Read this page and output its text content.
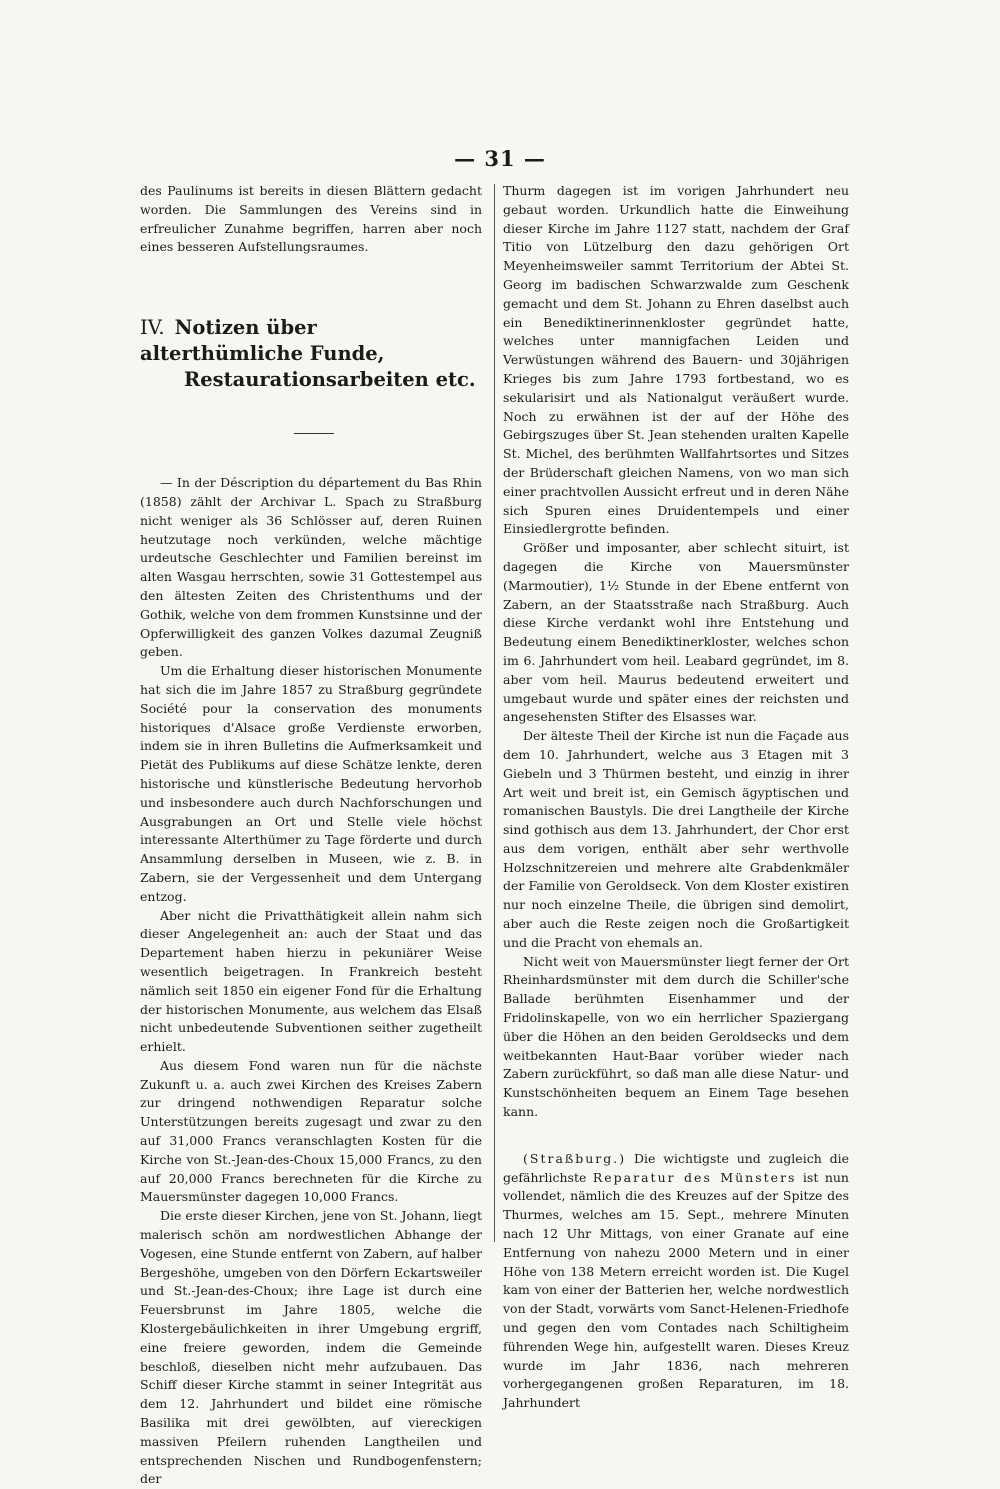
— 31 —

des Paulinums ist bereits in diesen Blättern gedacht worden. Die Sammlungen des Vereins sind in erfreulicher Zunahme begriffen, harren aber noch eines besseren Aufstellungsraumes.

IV. Notizen über alterthümliche Funde,
Restaurationsarbeiten etc.

— In der Déscription du département du Bas Rhin (1858) zählt der Archivar L. Spach zu Straßburg nicht weniger als 36 Schlösser auf, deren Ruinen heutzutage noch verkünden, welche mächtige urdeutsche Geschlechter und Familien bereinst im alten Wasgau herrschten, sowie 31 Gottestempel aus den ältesten Zeiten des Christenthums und der Gothik, welche von dem frommen Kunstsinne und der Opferwilligkeit des ganzen Volkes dazumal Zeugniß geben.

Um die Erhaltung dieser historischen Monumente hat sich die im Jahre 1857 zu Straßburg gegründete Société pour la conservation des monuments historiques d'Alsace große Verdienste erworben, indem sie in ihren Bulletins die Aufmerksamkeit und Pietät des Publikums auf diese Schätze lenkte, deren historische und künstlerische Bedeutung hervorhob und insbesondere auch durch Nachforschungen und Ausgrabungen an Ort und Stelle viele höchst interessante Alterthümer zu Tage förderte und durch Ansammlung derselben in Museen, wie z. B. in Zabern, sie der Vergessenheit und dem Untergang entzog.

Aber nicht die Privatthätigkeit allein nahm sich dieser Angelegenheit an: auch der Staat und das Departement haben hierzu in pekuniärer Weise wesentlich beigetragen. In Frankreich besteht nämlich seit 1850 ein eigener Fond für die Erhaltung der historischen Monumente, aus welchem das Elsaß nicht unbedeutende Subventionen seither zugetheilt erhielt.

Aus diesem Fond waren nun für die nächste Zukunft u. a. auch zwei Kirchen des Kreises Zabern zur dringend nothwendigen Reparatur solche Unterstützungen bereits zugesagt und zwar zu den auf 31,000 Francs veranschlagten Kosten für die Kirche von St.-Jean-des-Choux 15,000 Francs, zu den auf 20,000 Francs berechneten für die Kirche zu Mauersmünster dagegen 10,000 Francs.

Die erste dieser Kirchen, jene von St. Johann, liegt malerisch schön am nordwestlichen Abhange der Vogesen, eine Stunde entfernt von Zabern, auf halber Bergeshöhe, umgeben von den Dörfern Eckartsweiler und St.-Jean-des-Choux; ihre Lage ist durch eine Feuersbrunst im Jahre 1805, welche die Klostergebäulichkeiten in ihrer Umgebung ergriff, eine freiere geworden, indem die Gemeinde beschloß, dieselben nicht mehr aufzubauen. Das Schiff dieser Kirche stammt in seiner Integrität aus dem 12. Jahrhundert und bildet eine römische Basilika mit drei gewölbten, auf viereckigen massiven Pfeilern ruhenden Langtheilen und entsprechenden Nischen und Rundbogenfenstern; der

Thurm dagegen ist im vorigen Jahrhundert neu gebaut worden. Urkundlich hatte die Einweihung dieser Kirche im Jahre 1127 statt, nachdem der Graf Titio von Lützelburg den dazu gehörigen Ort Meyenheimsweiler sammt Territorium der Abtei St. Georg im badischen Schwarzwalde zum Geschenk gemacht und dem St. Johann zu Ehren daselbst auch ein Benediktinerinnenkloster gegründet hatte, welches unter mannigfachen Leiden und Verwüstungen während des Bauern- und 30jährigen Krieges bis zum Jahre 1793 fortbestand, wo es sekularisirt und als Nationalgut veräußert wurde. Noch zu erwähnen ist der auf der Höhe des Gebirgszuges über St. Jean stehenden uralten Kapelle St. Michel, des berühmten Wallfahrtsortes und Sitzes der Brüderschaft gleichen Namens, von wo man sich einer prachtvollen Aussicht erfreut und in deren Nähe sich Spuren eines Druidentempels und einer Einsiedlergrotte befinden.

Größer und imposanter, aber schlecht situirt, ist dagegen die Kirche von Mauersmünster (Marmoutier), 1½ Stunde in der Ebene entfernt von Zabern, an der Staatsstraße nach Straßburg. Auch diese Kirche verdankt wohl ihre Entstehung und Bedeutung einem Benediktinerkloster, welches schon im 6. Jahrhundert vom heil. Leabard gegründet, im 8. aber vom heil. Maurus bedeutend erweitert und umgebaut wurde und später eines der reichsten und angesehensten Stifter des Elsasses war.

Der älteste Theil der Kirche ist nun die Façade aus dem 10. Jahrhundert, welche aus 3 Etagen mit 3 Giebeln und 3 Thürmen besteht, und einzig in ihrer Art weit und breit ist, ein Gemisch ägyptischen und romanischen Baustyls. Die drei Langtheile der Kirche sind gothisch aus dem 13. Jahrhundert, der Chor erst aus dem vorigen, enthält aber sehr werthvolle Holzschnitzereien und mehrere alte Grabdenkmäler der Familie von Geroldseck. Von dem Kloster existiren nur noch einzelne Theile, die übrigen sind demolirt, aber auch die Reste zeigen noch die Großartigkeit und die Pracht von ehemals an.

Nicht weit von Mauersmünster liegt ferner der Ort Rheinhardsmünster mit dem durch die Schiller'sche Ballade berühmten Eisenhammer und der Fridolinskapelle, von wo ein herrlicher Spaziergang über die Höhen an den beiden Geroldsecks und dem weitbekannten Haut-Baar vorüber wieder nach Zabern zurückführt, so daß man alle diese Natur- und Kunstschönheiten bequem an Einem Tage besehen kann.

(Straßburg.) Die wichtigste und zugleich die gefährlichste Reparatur des Münsters ist nun vollendet, nämlich die des Kreuzes auf der Spitze des Thurmes, welches am 15. Sept., mehrere Minuten nach 12 Uhr Mittags, von einer Granate auf eine Entfernung von nahezu 2000 Metern und in einer Höhe von 138 Metern erreicht worden ist. Die Kugel kam von einer der Batterien her, welche nordwestlich von der Stadt, vorwärts vom Sanct-Helenen-Friedhofe und gegen den vom Contades nach Schiltigheim führenden Wege hin, aufgestellt waren. Dieses Kreuz wurde im Jahr 1836, nach mehreren vorhergegangenen großen Reparaturen, im 18. Jahrhundert
